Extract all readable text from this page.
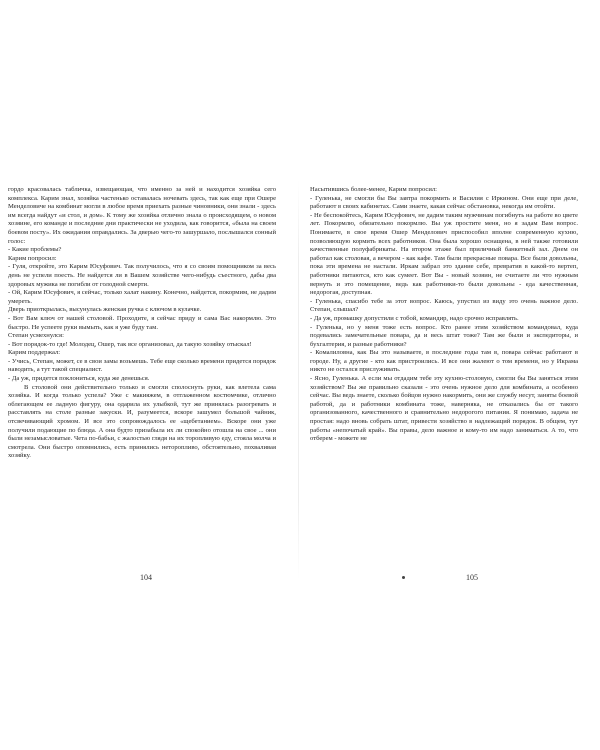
гордо красовалась табличка, извещающая, что именно за ней и находится хозяйка сего комплекса. Карим знал, хозяйка частенько оставалась ночевать здесь, так как еще при Ошере Менделовиче на комбинат могли в любое время приехать разные чиновники, они знали - здесь им всегда найдут «и стол, и дом». К тому же хозяйка отлично знала о происходящем, о новом хозяине, его команде и последние дни практически не уходила, как говорится, «была на своем боевом посту». Их ожидания оправдались. За дверью чего-то зашуршало, послышался сонный голос:

- Какие проблемы?

Карим попросил:

- Гуля, откройте, это Карим Юсуфович. Так получилось, что я со своим помощником за весь день не успели поесть. Не найдется ли в Вашем хозяйстве чего-нибудь съестного, дабы два здоровых мужика не погибли от голодной смерти.

- Ой, Карим Юсуфович, я сейчас, только халат накину. Конечно, найдется, покормим, не дадим умереть.

Дверь приоткрылась, высунулась женская ручка с ключом в кулачке.

- Вот Вам ключ от нашей столовой. Проходите, я сейчас приду и сама Вас накормлю. Это быстро. Не успеете руки вымыть, как я уже буду там.

Степан усмехнулся:

- Вот порядок-то где! Молодец, Ошер, так все организовал, да такую хозяйку отыскал!

Карим поддержал:

- Учись, Степан, может, се в свои замы возьмешь. Тебе еще сколько времени придется порядок наводить, а тут такой специалист.

- Да уж, придется поклониться, куда же денешься.

В столовой они действительно только и смогли сполоснуть руки, как влетела сама хозяйка. И когда только успела? Уже с макияжем, в отглаженном костюмчике, отлично облегающем ее ладную фигуру, она одарила их улыбкой, тут же принялась разогревать и расставлять на столе разные закуски. И, разумеется, вскоре зашумел большой чайник, отсвечивающий хромом. И все это сопровождалось ее «щебетанием». Вскоре они уже получили подающие по блюда. А она будто призабыла их ли спокойно отошла на свое ... они были незамысловатые. Чета по-бабьи, с жалостью глядя на их торопливую еду, стояла молча и смотрела. Они быстро опомнились, есть принялись неторопливо, обстоятельно, похваливая хозяйку.

Насытившись более-менее, Карим попросил:

- Гуленька, не смогли бы Вы завтра покормить и Василия с Иркином. Они еще при деле, работают в своих кабинетах. Сами знаете, какая сейчас обстановка, некогда им отойти.

- Не беспокойтесь, Карим Юсуфович, не дадим таким мужчинам погибнуть на работе во цвете лет. Покормлю, обязательно покормлю. Вы уж простите меня, но я задам Вам вопрос. Понимаете, в свое время Ошер Менделович приспособил вполне современную кухню, позволяющую кормить всех работников. Она была хорошо оснащена, в ней также готовили качественные полуфабрикаты. На втором этаже был приличный банкетный зал. Днем он работал как столовая, а вечером - как кафе. Там были прекрасные повара. Все были довольны, пока эти времена не настали. Иркам забрал это здание себе, превратив в какой-то вертеп, работники питаются, кто как сумеет. Вот Вы - новый хозяин, не считаете ли что нужным вернуть и это помещение, ведь как работники-то были довольны - еда качественная, недорогая, доступная.

- Гуленька, спасибо тебе за этот вопрос. Каюсь, упустил из виду это очень важное дело. Степан, слышал?

- Да уж, промашку допустили с тобой, командир, надо срочно исправлять.

- Гуленька, но у меня тоже есть вопрос. Кто ранее этим хозяйством командовал, куда подевались замечательные повара, да и весь штат тоже? Там же были и экспедиторы, и бухгалтерия, и разные работники?

- Комалиловна, как Вы это называете, в последние годы там в, повара сейчас работают в городе. Ну, а другие - кто как пристроились. И все они жалеют о том времени, но у Икрама никто не остался прислуживать.

- Ясно, Гуленька. А если мы отдадим тебе эту кухню-столовую, смогли бы Вы заняться этим хозяйством? Вы же правильно сказали - это очень нужное дело для комбината, а особенно сейчас. Вы ведь знаете, сколько бойцов нужно накормить, они же службу несут, заняты боевой работой, да и работники комбината тоже, наверняка, не отказались бы от такого организованного, качественного и сравнительно недорогого питания. Я понимаю, задача не простая: надо вновь собрать штат, привести хозяйство в надлежащий порядок. В общем, тут работы «непочатый край». Вы правы, дело важное и кому-то им надо заниматься. А то, что отберем - можете не

104	105
